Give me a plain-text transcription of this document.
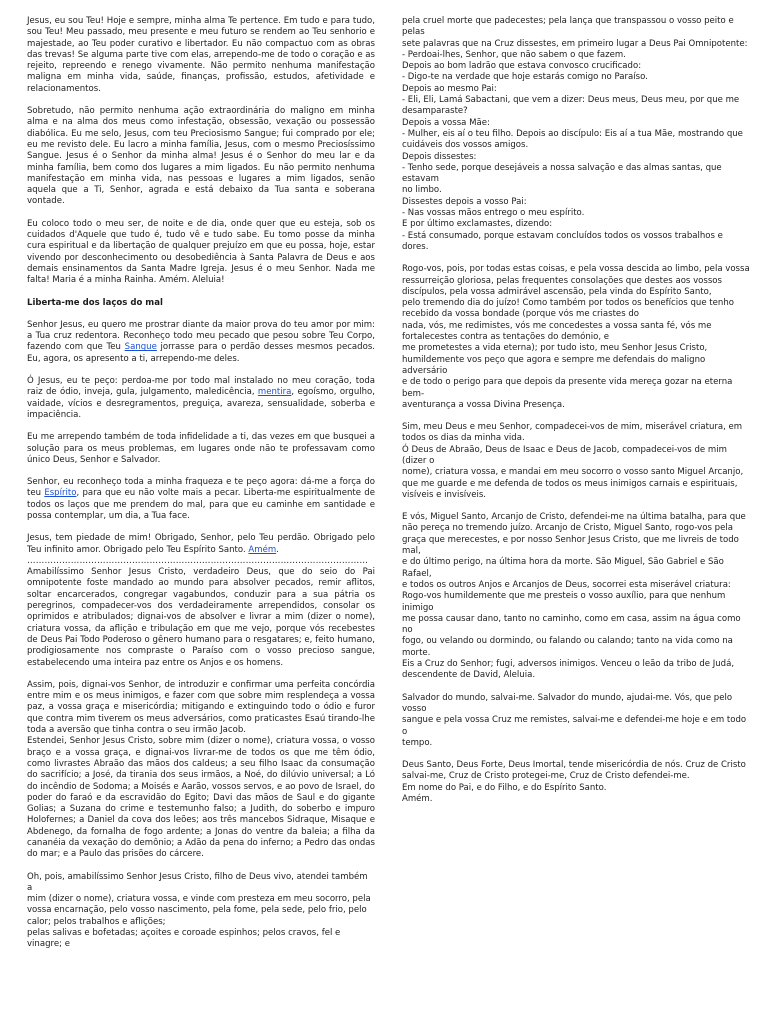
Jesus, eu sou Teu! Hoje e sempre, minha alma Te pertence. Em tudo e para tudo, sou Teu! Meu passado, meu presente e meu futuro se rendem ao Teu senhorio e majestade, ao Teu poder curativo e libertador. Eu não compactuo com as obras das trevas! Se alguma parte tive com elas, arrependo-me de todo o coração e as rejeito, repreendo e renego vivamente. Não permito nenhuma manifestação maligna em minha vida, saúde, finanças, profissão, estudos, afetividade e relacionamentos.

Sobretudo, não permito nenhuma ação extraordinária do maligno em minha alma e na alma dos meus como infestação, obsessão, vexação ou possessão diabólica. Eu me selo, Jesus, com teu Preciosismo Sangue; fui comprado por ele; eu me revisto dele. Eu lacro a minha família, Jesus, com o mesmo Preciosíssimo Sangue. Jesus é o Senhor da minha alma! Jesus é o Senhor do meu lar e da minha família, bem como dos lugares a mim ligados. Eu não permito nenhuma manifestação em minha vida, nas pessoas e lugares a mim ligados, senão aquela que a Ti, Senhor, agrada e está debaixo da Tua santa e soberana vontade.

Eu coloco todo o meu ser, de noite e de dia, onde quer que eu esteja, sob os cuidados d'Aquele que tudo é, tudo vê e tudo sabe. Eu tomo posse da minha cura espiritual e da libertação de qualquer prejuízo em que eu possa, hoje, estar vivendo por desconhecimento ou desobediência à Santa Palavra de Deus e aos demais ensinamentos da Santa Madre Igreja. Jesus é o meu Senhor. Nada me falta! Maria é a minha Rainha. Amém. Aleluia!

Liberta-me dos laços do mal

Senhor Jesus, eu quero me prostrar diante da maior prova do teu amor por mim: a Tua cruz redentora. Reconheço todo meu pecado que pesou sobre Teu Corpo, fazendo com que Teu Sangue jorrasse para o perdão desses mesmos pecados. Eu, agora, os apresento a ti, arrependo-me deles.

Ó Jesus, eu te peço: perdoa-me por todo mal instalado no meu coração, toda raiz de ódio, inveja, gula, julgamento, maledicência, mentira, egoísmo, orgulho, vaidade, vícios e desregramentos, preguiça, avareza, sensualidade, soberba e impaciência.

Eu me arrependo também de toda infidelidade a ti, das vezes em que busquei a solução para os meus problemas, em lugares onde não te professavam como único Deus, Senhor e Salvador.

Senhor, eu reconheço toda a minha fraqueza e te peço agora: dá-me a força do teu Espírito, para que eu não volte mais a pecar. Liberta-me espiritualmente de todos os laços que me prendem do mal, para que eu caminhe em santidade e possa contemplar, um dia, a Tua face.

Jesus, tem piedade de mim! Obrigado, Senhor, pelo Teu perdão. Obrigado pelo Teu infinito amor. Obrigado pelo Teu Espírito Santo. Amém.

………………………………………………………………………………………………………

Amabilíssimo Senhor Jesus Cristo, verdadeiro Deus, que do seio do Pai omnipotente foste mandado ao mundo para absolver pecados, remir aflitos, soltar encarcerados, congregar vagabundos, conduzir para a sua pátria os peregrinos, compadecer-vos dos verdadeiramente arrependidos, consolar os oprimidos e atribulados; dignai-vos de absolver e livrar a mim (dizer o nome), criatura vossa, da aflição e tribulação em que me vejo, porque vós recebestes de Deus Pai Todo Poderoso o gênero humano para o resgatares; e, feito humano, prodigiosamente nos compraste o Paraíso com o vosso precioso sangue, estabelecendo uma inteira paz entre os Anjos e os homens.

Assim, pois, dignai-vos Senhor, de introduzir e confirmar uma perfeita concórdia entre mim e os meus inimigos, e fazer com que sobre mim resplendeça a vossa paz, a vossa graça e misericórdia; mitigando e extinguindo todo o ódio e furor que contra mim tiverem os meus adversários, como praticastes Esaú tirando-lhe toda a aversão que tinha contra o seu irmão Jacob.

Estendei, Senhor Jesus Cristo, sobre mim (dizer o nome), criatura vossa, o vosso braço e a vossa graça, e dignai-vos livrar-me de todos os que me têm ódio, como livrastes Abraão das mãos dos caldeus; a seu filho Isaac da consumação do sacrifício; a José, da tirania dos seus irmãos, a Noé, do dilúvio universal; a Ló do incêndio de Sodoma; a Moisés e Aarão, vossos servos, e ao povo de Israel, do poder do faraó e da escravidão do Egito; Davi das mãos de Saul e do gigante Golias; a Suzana do crime e testemunho falso; a Judith, do soberbo e impuro Holofernes; a Daniel da cova dos leões; aos três mancebos Sidraque, Misaque e Abdenego, da fornalha de fogo ardente; a Jonas do ventre da baleia; a filha da cananéia da vexação do demônio; a Adão da pena do inferno; a Pedro das ondas do mar; e a Paulo das prisões do cárcere.

Oh, pois, amabilíssimo Senhor Jesus Cristo, filho de Deus vivo, atendei também a

mim (dizer o nome), criatura vossa, e vinde com presteza em meu socorro, pela

vossa encarnação, pelo vosso nascimento, pela fome, pela sede, pelo frio, pelo

calor; pelos trabalhos e aflições;

pelas salivas e bofetadas; açoites e coroade espinhos; pelos cravos, fel e vinagre; e

pela cruel morte que padecestes; pela lança que transpassou o vosso peito e pelas

sete palavras que na Cruz dissestes, em primeiro lugar a Deus Pai Omnipotente:

- Perdoai-lhes, Senhor, que não sabem o que fazem.

Depois ao bom ladrão que estava convosco crucificado:

- Digo-te na verdade que hoje estarás comigo no Paraíso.

Depois ao mesmo Pai:

- Eli, Eli, Lamá Sabactani, que vem a dizer: Deus meus, Deus meu, por que me

desamparaste?

Depois a vossa Mãe:

- Mulher, eis aí o teu filho. Depois ao discípulo: Eis aí a tua Mãe, mostrando que

cuidáveis dos vossos amigos.

Depois dissestes:

- Tenho sede, porque desejáveis a nossa salvação e das almas santas, que estavam

no limbo.

Dissestes depois a vosso Pai:

- Nas vossas mãos entrego o meu espírito.

E por último exclamastes, dizendo:

- Está consumado, porque estavam concluídos todos os vossos trabalhos e dores.

Rogo-vos, pois, por todas estas coisas, e pela vossa descida ao limbo, pela vossa

ressurreição gloriosa, pelas frequentes consolações que destes aos vossos

discípulos, pela vossa admirável ascensão, pela vinda do Espírito Santo,

pelo tremendo dia do juízo! Como também por todos os benefícios que tenho

recebido da vossa bondade (porque vós me criastes do

nada, vós, me redimistes, vós me concedestes a vossa santa fé, vós me

fortalecestes contra as tentações do demónio, e

me prometestes a vida eterna); por tudo isto, meu Senhor Jesus Cristo,

humildemente vos peço que agora e sempre me defendais do maligno adversário

e de todo o perigo para que depois da presente vida mereça gozar na eterna bem-

aventurança a vossa Divina Presença.

Sim, meu Deus e meu Senhor, compadecei-vos de mim, miserável criatura, em

todos os dias da minha vida.

Ó Deus de Abraão, Deus de Isaac e Deus de Jacob, compadecei-vos de mim (dizer o

nome), criatura vossa, e mandai em meu socorro o vosso santo Miguel Arcanjo,

que me guarde e me defenda de todos os meus inimigos carnais e espirituais,

visíveis e invisíveis.

E vós, Miguel Santo, Arcanjo de Cristo, defendei-me na última batalha, para que

não pereça no tremendo juízo. Arcanjo de Cristo, Miguel Santo, rogo-vos pela

graça que merecestes, e por nosso Senhor Jesus Cristo, que me livreis de todo mal,

e do último perigo, na última hora da morte. São Miguel, São Gabriel e São Rafael,

e todos os outros Anjos e Arcanjos de Deus, socorrei esta miserável criatura:

Rogo-vos humildemente que me presteis o vosso auxílio, para que nenhum inimigo

me possa causar dano, tanto no caminho, como em casa, assim na água como no

fogo, ou velando ou dormindo, ou falando ou calando; tanto na vida como na

morte.

Eis a Cruz do Senhor; fugi, adversos inimigos. Venceu o leão da tribo de Judá,

descendente de David, Aleluia.

Salvador do mundo, salvai-me. Salvador do mundo, ajudai-me. Vós, que pelo vosso

sangue e pela vossa Cruz me remistes, salvai-me e defendei-me hoje e em todo o

tempo.

Deus Santo, Deus Forte, Deus Imortal, tende misericórdia de nós. Cruz de Cristo

salvai-me, Cruz de Cristo protegei-me, Cruz de Cristo defendei-me.

Em nome do Pai, e do Filho, e do Espírito Santo.

Amém.
